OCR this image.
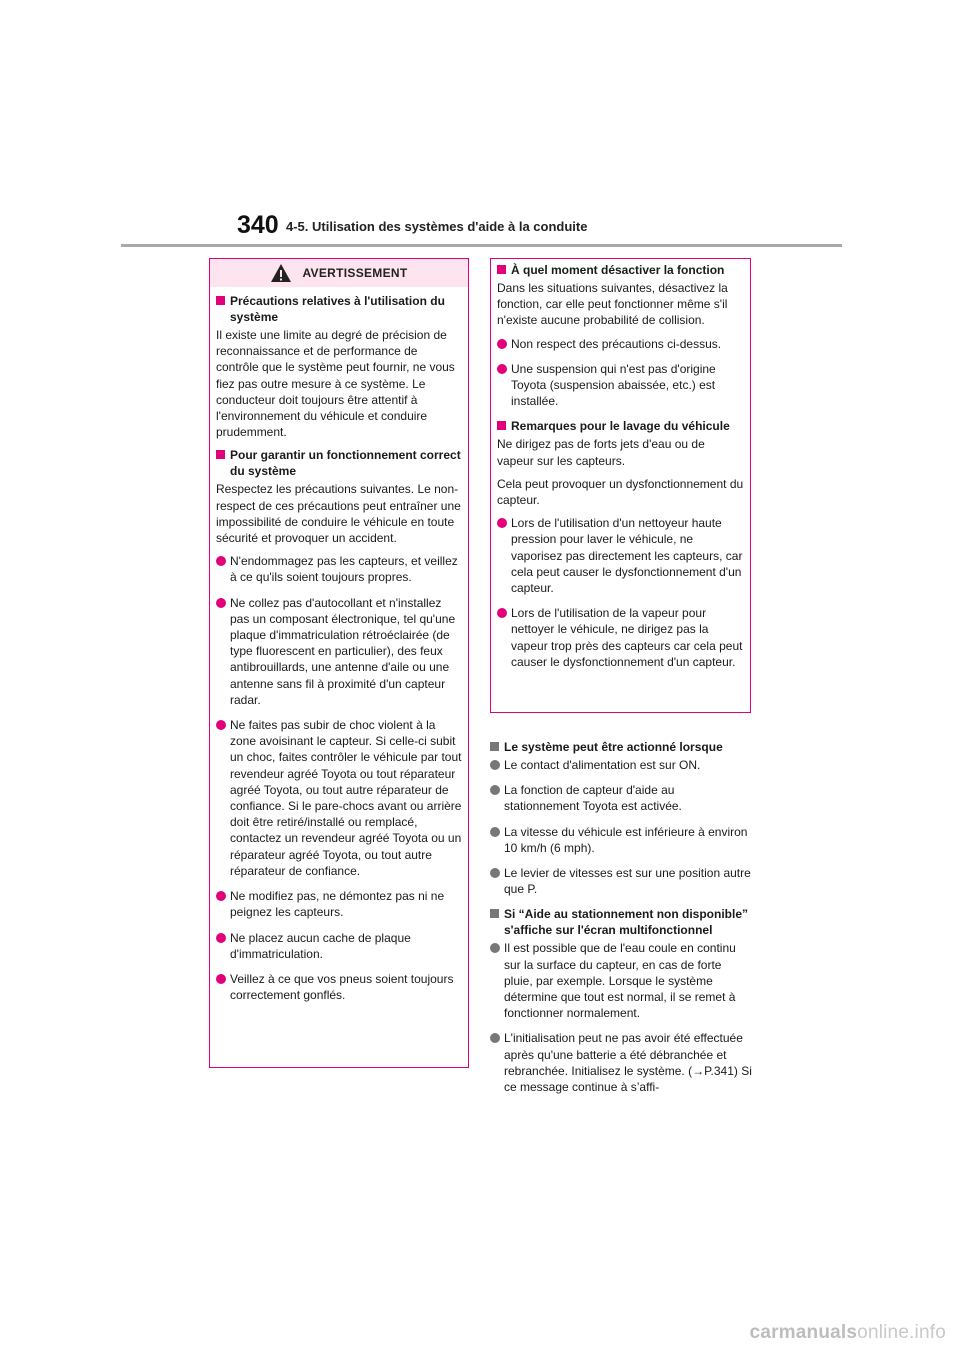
340 4-5. Utilisation des systèmes d'aide à la conduite
AVERTISSEMENT
Précautions relatives à l'utilisation du système

Il existe une limite au degré de précision de reconnaissance et de performance de contrôle que le système peut fournir, ne vous fiez pas outre mesure à ce système. Le conducteur doit toujours être attentif à l'environnement du véhicule et conduire prudemment.

Pour garantir un fonctionnement correct du système

Respectez les précautions suivantes. Le non-respect de ces précautions peut entraîner une impossibilité de conduire le véhicule en toute sécurité et provoquer un accident.

N'endommagez pas les capteurs, et veillez à ce qu'ils soient toujours propres.
Ne collez pas d'autocollant et n'installez pas un composant électronique, tel qu'une plaque d'immatriculation rétroéclairée (de type fluorescent en particulier), des feux antibrouillards, une antenne d'aile ou une antenne sans fil à proximité d'un capteur radar.
Ne faites pas subir de choc violent à la zone avoisinant le capteur. Si celle-ci subit un choc, faites contrôler le véhicule par tout revendeur agréé Toyota ou tout réparateur agréé Toyota, ou tout autre réparateur de confiance. Si le pare-chocs avant ou arrière doit être retiré/installé ou remplacé, contactez un revendeur agréé Toyota ou un réparateur agréé Toyota, ou tout autre réparateur de confiance.
Ne modifiez pas, ne démontez pas ni ne peignez les capteurs.
Ne placez aucun cache de plaque d'immatriculation.
Veillez à ce que vos pneus soient toujours correctement gonflés.
À quel moment désactiver la fonction

Dans les situations suivantes, désactivez la fonction, car elle peut fonctionner même s'il n'existe aucune probabilité de collision.

Non respect des précautions ci-dessus.
Une suspension qui n'est pas d'origine Toyota (suspension abaissée, etc.) est installée.
Remarques pour le lavage du véhicule

Ne dirigez pas de forts jets d'eau ou de vapeur sur les capteurs.

Cela peut provoquer un dysfonctionnement du capteur.

Lors de l'utilisation d'un nettoyeur haute pression pour laver le véhicule, ne vaporisez pas directement les capteurs, car cela peut causer le dysfonctionnement d'un capteur.
Lors de l'utilisation de la vapeur pour nettoyer le véhicule, ne dirigez pas la vapeur trop près des capteurs car cela peut causer le dysfonctionnement d'un capteur.
Le système peut être actionné lorsque
Le contact d'alimentation est sur ON.
La fonction de capteur d'aide au stationnement Toyota est activée.
La vitesse du véhicule est inférieure à environ 10 km/h (6 mph).
Le levier de vitesses est sur une position autre que P.
Si “Aide au stationnement non disponible” s'affiche sur l'écran multifonctionnel
Il est possible que de l'eau coule en continu sur la surface du capteur, en cas de forte pluie, par exemple. Lorsque le système détermine que tout est normal, il se remet à fonctionner normalement.
L'initialisation peut ne pas avoir été effectuée après qu'une batterie a été débranchée et rebranchée. Initialisez le système. (→P.341) Si ce message continue à s’affi-
carmanualsonline.info
